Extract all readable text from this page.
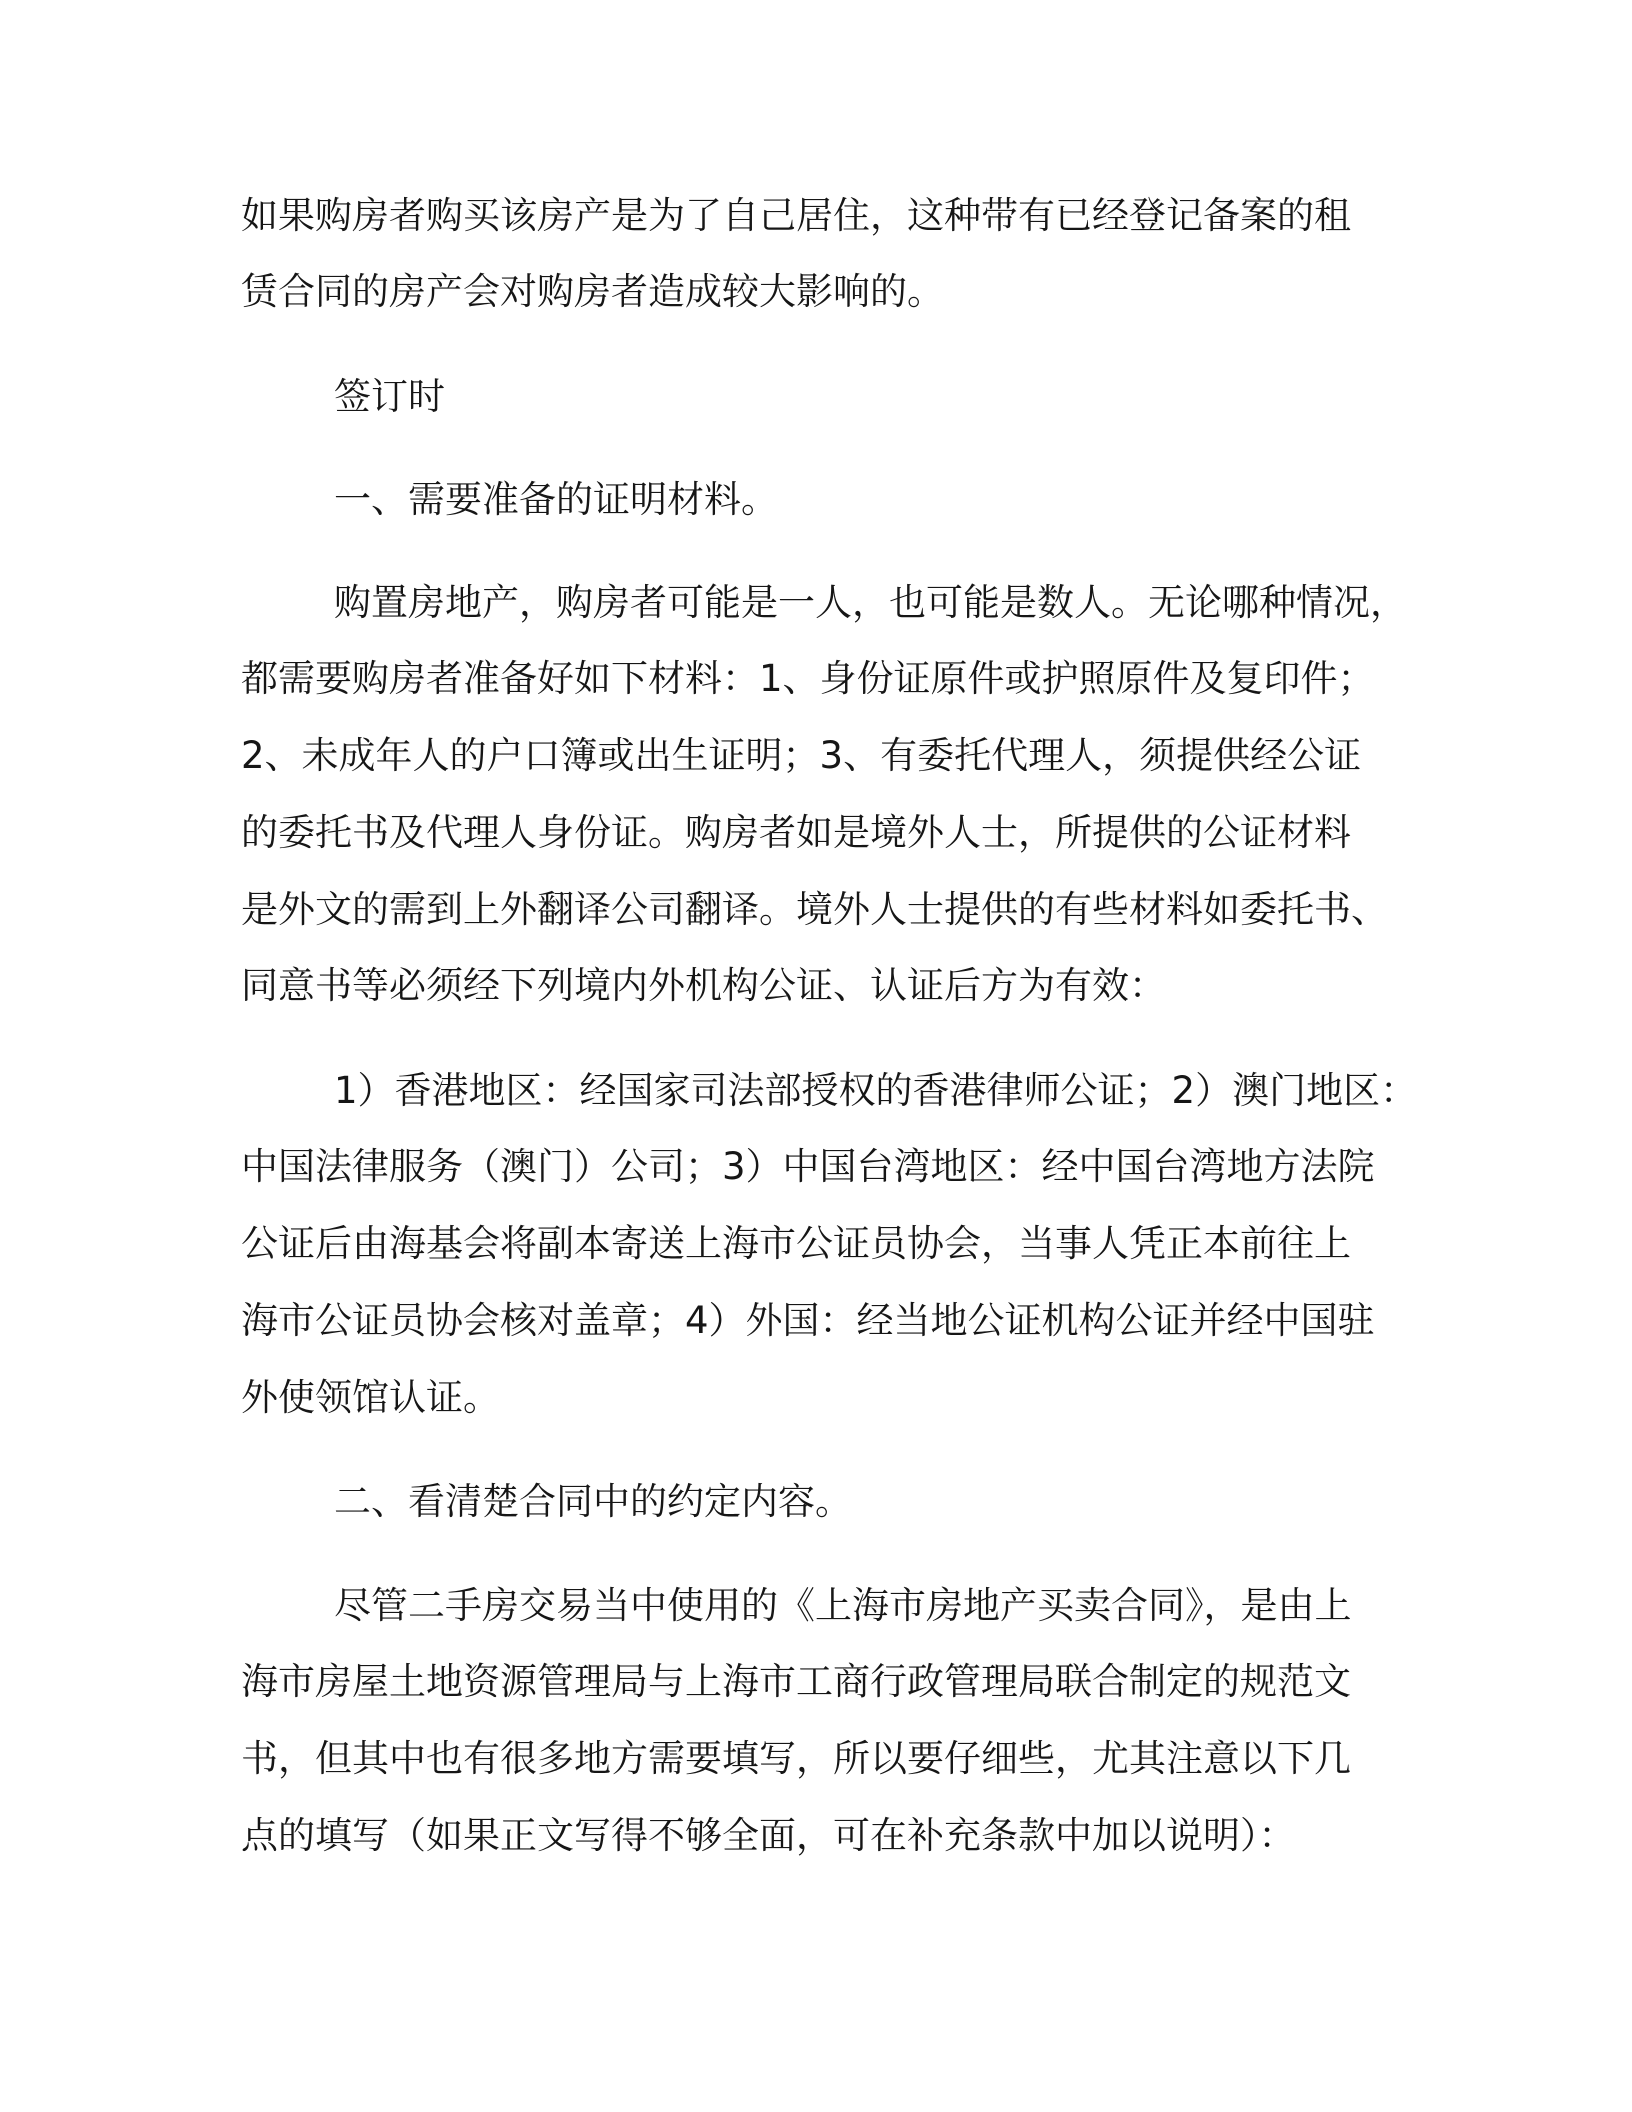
如果购房者购买该房产是为了自己居住，这种带有已经登记备案的租
赁合同的房产会对购房者造成较大影响的。
签订时
一、需要准备的证明材料。
购置房地产，购房者可能是一人，也可能是数人。无论哪种情况，
都需要购房者准备好如下材料：1、身份证原件或护照原件及复印件；
2、未成年人的户口簿或出生证明；3、有委托代理人，须提供经公证
的委托书及代理人身份证。购房者如是境外人士，所提供的公证材料
是外文的需到上外翻译公司翻译。境外人士提供的有些材料如委托书、
同意书等必须经下列境内外机构公证、认证后方为有效：
1）香港地区：经国家司法部授权的香港律师公证；2）澳门地区：
中国法律服务（澳门）公司；3）中国台湾地区：经中国台湾地方法院
公证后由海基会将副本寄送上海市公证员协会，当事人凭正本前往上
海市公证员协会核对盖章；4）外国：经当地公证机构公证并经中国驻
外使领馆认证。
二、看清楚合同中的约定内容。
尽管二手房交易当中使用的《上海市房地产买卖合同》，是由上
海市房屋土地资源管理局与上海市工商行政管理局联合制定的规范文
书，但其中也有很多地方需要填写，所以要仔细些，尤其注意以下几
点的填写（如果正文写得不够全面，可在补充条款中加以说明）：
